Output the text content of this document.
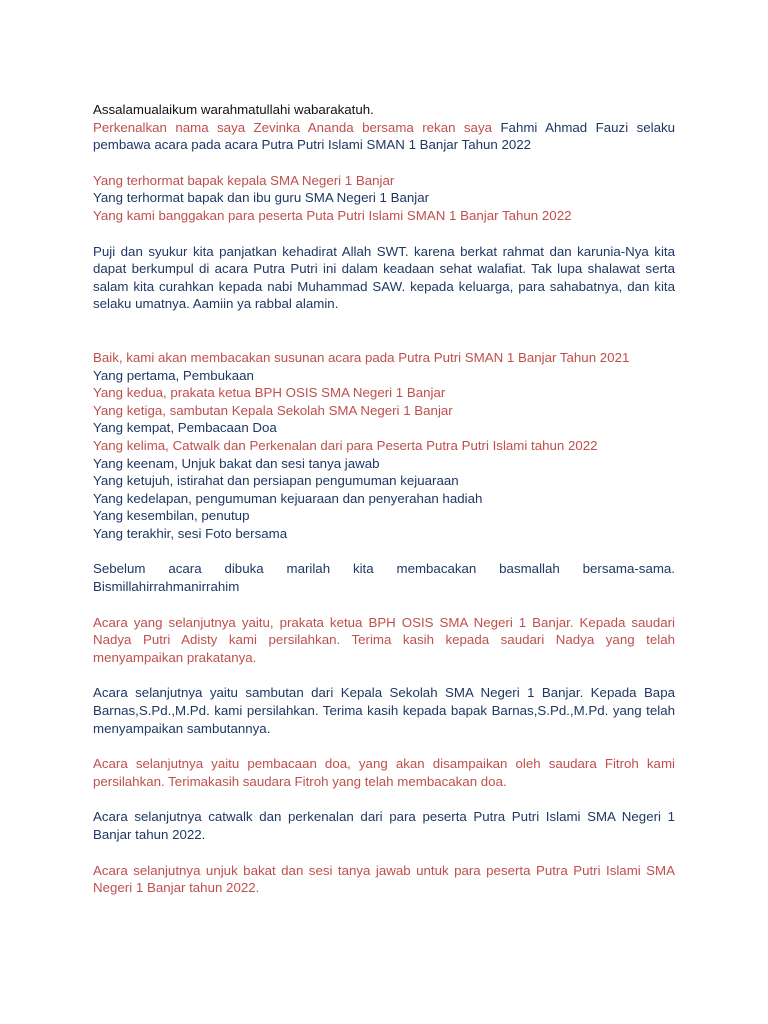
Assalamualaikum warahmatullahi wabarakatuh.

Perkenalkan nama saya Zevinka Ananda bersama rekan saya Fahmi Ahmad Fauzi selaku pembawa acara pada acara Putra Putri Islami SMAN 1 Banjar Tahun 2022

Yang terhormat bapak kepala SMA Negeri 1 Banjar

Yang terhormat bapak dan ibu guru SMA Negeri 1 Banjar

Yang kami banggakan para peserta Puta Putri Islami SMAN 1 Banjar Tahun 2022

Puji dan syukur kita panjatkan kehadirat Allah SWT. karena berkat rahmat dan karunia-Nya kita dapat berkumpul di acara Putra Putri ini dalam keadaan sehat walafiat. Tak lupa shalawat serta salam kita curahkan kepada nabi Muhammad SAW. kepada keluarga, para sahabatnya, dan kita selaku umatnya. Aamiin ya rabbal alamin.

Baik, kami akan membacakan susunan acara pada Putra Putri SMAN 1 Banjar Tahun 2021

Yang pertama, Pembukaan

Yang kedua, prakata ketua BPH OSIS SMA Negeri 1 Banjar

Yang ketiga, sambutan Kepala Sekolah SMA Negeri 1 Banjar

Yang kempat, Pembacaan Doa

Yang kelima, Catwalk dan Perkenalan dari para Peserta Putra Putri Islami tahun 2022

Yang keenam, Unjuk bakat dan sesi tanya jawab

Yang ketujuh, istirahat dan persiapan pengumuman kejuaraan

Yang kedelapan, pengumuman kejuaraan dan penyerahan hadiah

Yang kesembilan, penutup

Yang terakhir, sesi Foto bersama

Sebelum acara dibuka marilah kita membacakan basmallah bersama-sama. Bismillahirrahmanirrahim

Acara yang selanjutnya yaitu, prakata ketua BPH OSIS SMA Negeri 1 Banjar. Kepada saudari Nadya Putri Adisty kami persilahkan. Terima kasih kepada saudari Nadya yang telah menyampaikan prakatanya.

Acara selanjutnya yaitu sambutan dari Kepala Sekolah SMA Negeri 1 Banjar. Kepada Bapa Barnas,S.Pd.,M.Pd. kami persilahkan. Terima kasih kepada bapak Barnas,S.Pd.,M.Pd. yang telah menyampaikan sambutannya.

Acara selanjutnya yaitu pembacaan doa, yang akan disampaikan oleh saudara Fitroh kami persilahkan. Terimakasih saudara Fitroh yang telah membacakan doa.

Acara selanjutnya catwalk dan perkenalan dari para peserta Putra Putri Islami SMA Negeri 1 Banjar tahun 2022.

Acara selanjutnya unjuk bakat dan sesi tanya jawab untuk para peserta Putra Putri Islami SMA Negeri 1 Banjar tahun 2022.
